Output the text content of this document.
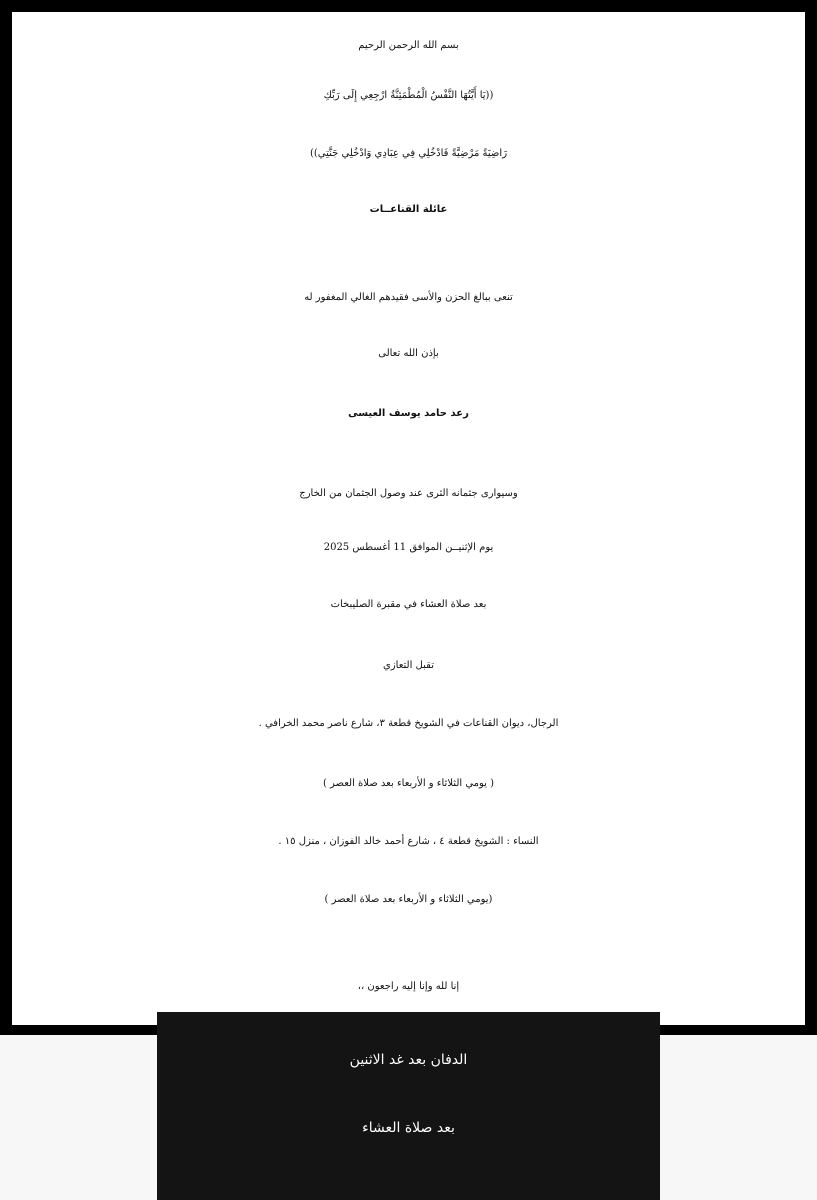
بسم الله الرحمن الرحيم

((يَا أَيَّتُهَا النَّفْسُ الْمُطْمَئِنَّةُ ارْجِعِي إِلَى رَبِّكِ

رَاضِيَةً مَرْضِيَّةً فَادْخُلِي فِي عِبَادِي وَادْخُلِي جَنَّتِي))

عائلة القناعــات

تنعى ببالغ الحزن والأسى فقيدهم الغالي المغفور له

بإذن الله تعالى

رعد حامد يوسف العيسى

وسيوارى جثمانه الثرى عند وصول الجثمان من الخارج

يوم الإثنيــن الموافق 11 أغسطس 2025

بعد صلاة العشاء في مقبرة الصليبخات

تقبل التعازي

الرجال، ديوان القناعات في الشويخ قطعة ٣، شارع ناصر محمد الخرافي .

( يومي الثلاثاء و الأربعاء بعد صلاة العصر )

النساء : الشويخ قطعة ٤ ، شارع أحمد خالد الفوزان ، منزل ١٥ .

(يومي الثلاثاء و الأربعاء بعد صلاة العصر )

إنا لله وإنا إليه راجعون ،،

الدفان بعد غد الاثنين

بعد صلاة العشاء
